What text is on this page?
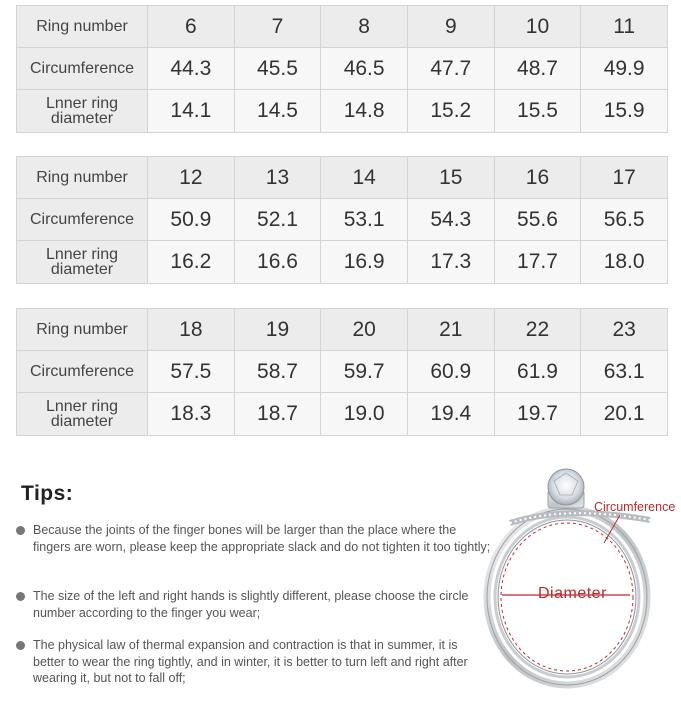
Ring number	6	7	8	9	10	11
Circumference	44.3	45.5	46.5	47.7	48.7	49.9
Lnner ring
diameter	14.1	14.5	14.8	15.2	15.5	15.9
Ring number	12	13	14	15	16	17
Circumference	50.9	52.1	53.1	54.3	55.6	56.5
Lnner ring
diameter	16.2	16.6	16.9	17.3	17.7	18.0
Ring number	18	19	20	21	22	23
Circumference	57.5	58.7	59.7	60.9	61.9	63.1
Lnner ring
diameter	18.3	18.7	19.0	19.4	19.7	20.1
Tips:
Because the joints of the finger bones will be larger than the place where the fingers are worn, please keep the appropriate slack and do not tighten it too tightly;
The size of the left and right hands is slightly different, please choose the circle number according to the finger you wear;
The physical law of thermal expansion and contraction is that in summer, it is better to wear the ring tightly, and in winter, it is better to turn left and right after wearing it, but not to fall off;
Circumference
Diameter
